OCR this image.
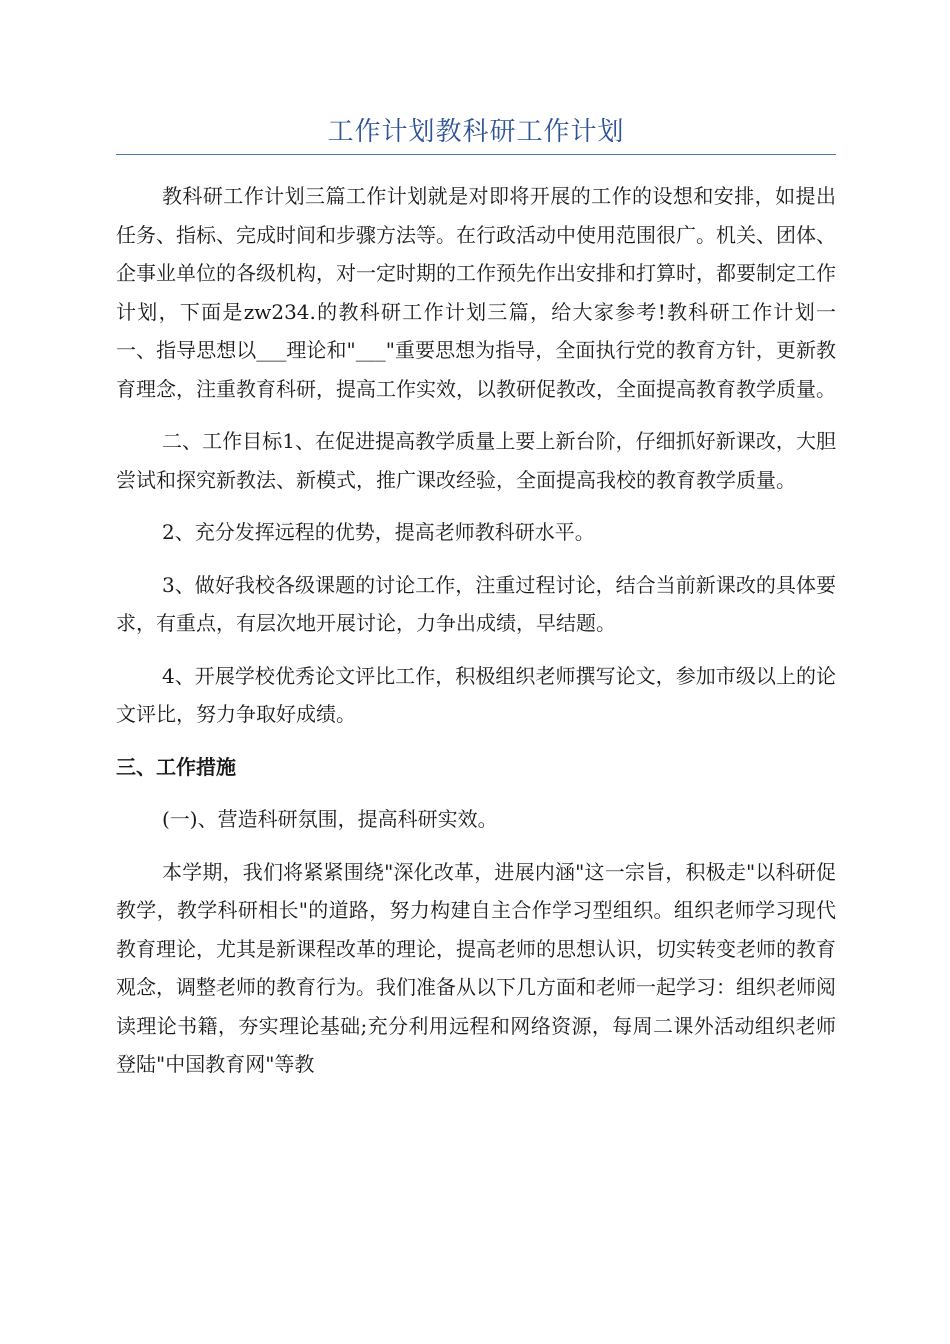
工作计划教科研工作计划

教科研工作计划三篇工作计划就是对即将开展的工作的设想和安排，如提出任务、指标、完成时间和步骤方法等。在行政活动中使用范围很广。机关、团体、企事业单位的各级机构，对一定时期的工作预先作出安排和打算时，都要制定工作计划，下面是zw234.的教科研工作计划三篇，给大家参考!教科研工作计划一一、指导思想以___理论和"___"重要思想为指导，全面执行党的教育方针，更新教育理念，注重教育科研，提高工作实效，以教研促教改，全面提高教育教学质量。

二、工作目标1、在促进提高教学质量上要上新台阶，仔细抓好新课改，大胆尝试和探究新教法、新模式，推广课改经验，全面提高我校的教育教学质量。

2、充分发挥远程的优势，提高老师教科研水平。

3、做好我校各级课题的讨论工作，注重过程讨论，结合当前新课改的具体要求，有重点，有层次地开展讨论，力争出成绩，早结题。

4、开展学校优秀论文评比工作，积极组织老师撰写论文，参加市级以上的论文评比，努力争取好成绩。

三、工作措施

(一)、营造科研氛围，提高科研实效。

本学期，我们将紧紧围绕"深化改革，进展内涵"这一宗旨，积极走"以科研促教学，教学科研相长"的道路，努力构建自主合作学习型组织。组织老师学习现代教育理论，尤其是新课程改革的理论，提高老师的思想认识，切实转变老师的教育观念，调整老师的教育行为。我们准备从以下几方面和老师一起学习：组织老师阅读理论书籍，夯实理论基础;充分利用远程和网络资源，每周二课外活动组织老师登陆"中国教育网"等教
